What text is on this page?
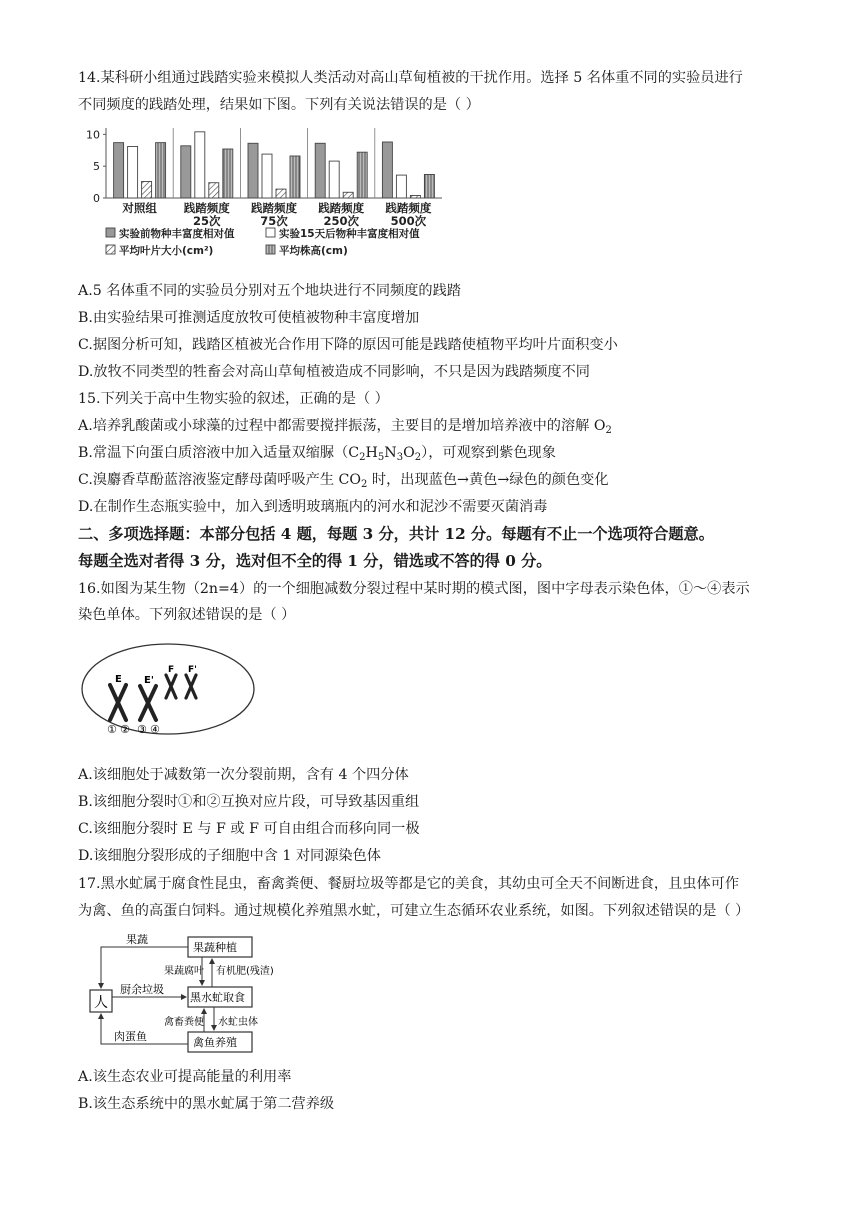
14.某科研小组通过践踏实验来模拟人类活动对高山草甸植被的干扰作用。选择 5 名体重不同的实验员进行
不同频度的践踏处理，结果如下图。下列有关说法错误的是（ ）
0
5
10
对照组 践踏频度
25次
践踏频度
75次
践踏频度
250次
践踏频度
500次
实验前物种丰富度相对值	实验15天后物种丰富度相对值
平均叶片大小(cm²)	平均株高(cm)
A.5 名体重不同的实验员分别对五个地块进行不同频度的践踏
B.由实验结果可推测适度放牧可使植被物种丰富度增加
C.据图分析可知，践踏区植被光合作用下降的原因可能是践踏使植物平均叶片面积变小
D.放牧不同类型的牲畜会对高山草甸植被造成不同影响，不只是因为践踏频度不同
15.下列关于高中生物实验的叙述，正确的是（ ）
A.培养乳酸菌或小球藻的过程中都需要搅拌振荡，主要目的是增加培养液中的溶解 $O_2$
B.常温下向蛋白质溶液中加入适量双缩脲$(C_2H_5N_3O_2)$，可观察到紫色现象
C.溴麝香草酚蓝溶液鉴定酵母菌呼吸产生 $CO_2$ 时，出现蓝色→黄色→绿色的颜色变化
D.在制作生态瓶实验中，加入到透明玻璃瓶内的河水和泥沙不需要灭菌消毒
二、多项选择题：本部分包括 4 题，每题 3 分，共计 12 分。每题有不止一个选项符合题意。
每题全选对者得 3 分，选对但不全的得 1 分，错选或不答的得 0 分。
16.如图为某生物（2n=4）的一个细胞减数分裂过程中某时期的模式图，图中字母表示染色体，①～④表示
染色单体。下列叙述错误的是（ ）
E E'
F F'
① ② ③ ④
A.该细胞处于减数第一次分裂前期，含有 4 个四分体
B.该细胞分裂时①和②互换对应片段，可导致基因重组
C.该细胞分裂时 E 与 F 或 F 可自由组合而移向同一极
D.该细胞分裂形成的子细胞中含 1 对同源染色体
17.黑水虻属于腐食性昆虫，畜禽粪便、餐厨垃圾等都是它的美食，其幼虫可全天不间断进食，且虫体可作
为禽、鱼的高蛋白饲料。通过规模化养殖黑水虻，可建立生态循环农业系统，如图。下列叙述错误的是（ ）
人
果蔬种植
黑水虻取食
禽鱼养殖
果蔬
果蔬腐叶 有机肥(残渣)
厨余垃圾
禽畜粪便 水虻虫体
肉蛋鱼
A.该生态农业可提高能量的利用率
B.该生态系统中的黑水虻属于第二营养级
